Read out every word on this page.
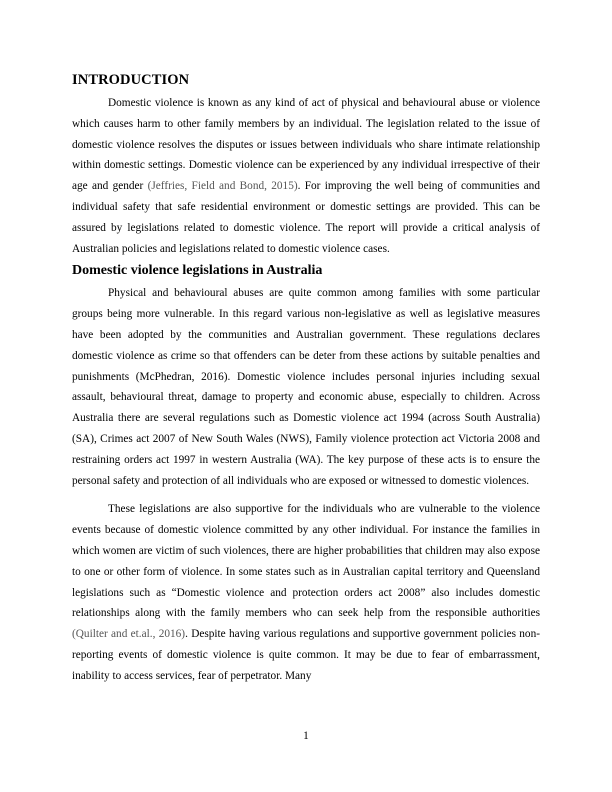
INTRODUCTION

Domestic violence is known as any kind of act of physical and behavioural abuse or violence which causes harm to other family members by an individual. The legislation related to the issue of domestic violence resolves the disputes or issues between individuals who share intimate relationship within domestic settings. Domestic violence can be experienced by any individual irrespective of their age and gender (Jeffries, Field and Bond, 2015). For improving the well being of communities and individual safety that safe residential environment or domestic settings are provided. This can be assured by legislations related to domestic violence. The report will provide a critical analysis of Australian policies and legislations related to domestic violence cases.

Domestic violence legislations in Australia

Physical and behavioural abuses are quite common among families with some particular groups being more vulnerable. In this regard various non-legislative as well as legislative measures have been adopted by the communities and Australian government. These regulations declares domestic violence as crime so that offenders can be deter from these actions by suitable penalties and punishments (McPhedran, 2016). Domestic violence includes personal injuries including sexual assault, behavioural threat, damage to property and economic abuse, especially to children. Across Australia there are several regulations such as Domestic violence act 1994 (across South Australia) (SA), Crimes act 2007 of New South Wales (NWS), Family violence protection act Victoria 2008 and restraining orders act 1997 in western Australia (WA). The key purpose of these acts is to ensure the personal safety and protection of all individuals who are exposed or witnessed to domestic violences.

These legislations are also supportive for the individuals who are vulnerable to the violence events because of domestic violence committed by any other individual. For instance the families in which women are victim of such violences, there are higher probabilities that children may also expose to one or other form of violence. In some states such as in Australian capital territory and Queensland legislations such as “Domestic violence and protection orders act 2008” also includes domestic relationships along with the family members who can seek help from the responsible authorities (Quilter and et.al., 2016). Despite having various regulations and supportive government policies non-reporting events of domestic violence is quite common. It may be due to fear of embarrassment, inability to access services, fear of perpetrator. Many

1
